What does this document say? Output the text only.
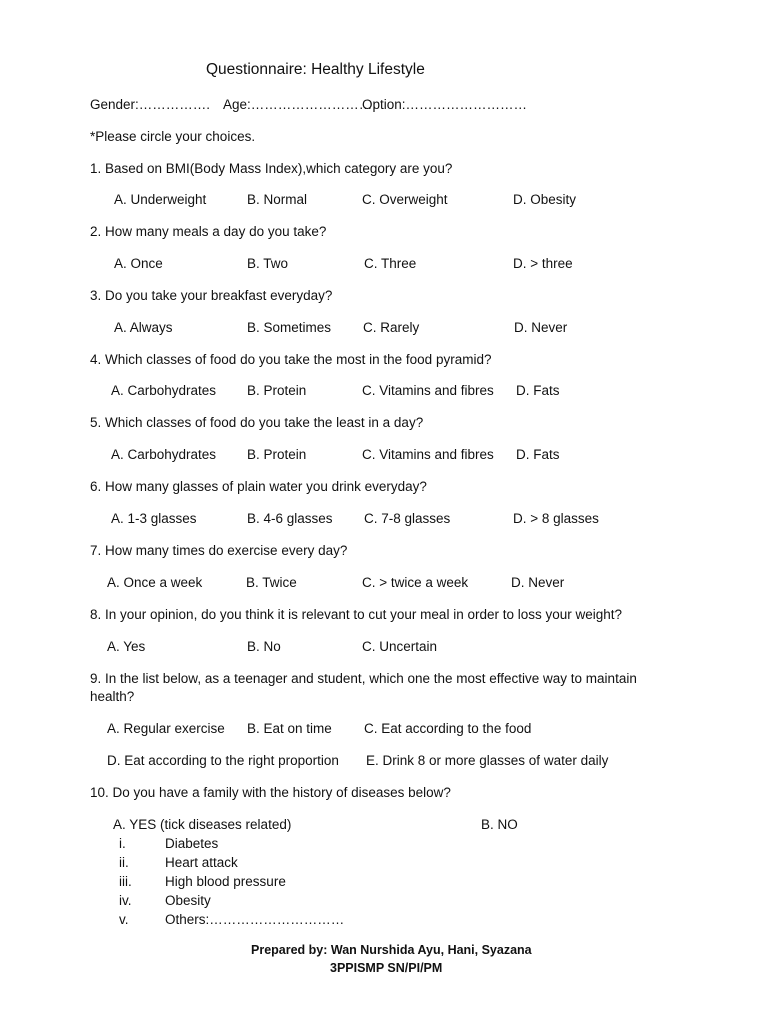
Questionnaire: Healthy Lifestyle
Gender:……………. Age:……………………….
Option:………………………
*Please circle your choices.
1. Based on BMI(Body Mass Index),which category are you?
A. Underweight	B. Normal	C. Overweight	D. Obesity
2. How many meals a day do you take?
A. Once	B. Two	C. Three	D. > three
3. Do you take your breakfast everyday?
A. Always	B. Sometimes C. Rarely	D. Never
4. Which classes of food do you take the most in the food pyramid?
A. Carbohydrates B. Protein	C. Vitamins and fibres D. Fats
5. Which classes of food do you take the least in a day?
A. Carbohydrates B. Protein	C. Vitamins and fibres D. Fats
6. How many glasses of plain water you drink everyday?
A. 1-3 glasses	B. 4-6 glasses C. 7-8 glasses	D. > 8 glasses
7. How many times do exercise every day?
A. Once a week	B. Twice	C. > twice a week	D. Never
8. In your opinion, do you think it is relevant to cut your meal in order to loss your weight?
A. Yes	B. No	C. Uncertain
9. In the list below, as a teenager and student, which one the most effective way to maintain
health?
A. Regular exercise B. Eat on time C. Eat according to the food
D. Eat according to the right proportion E. Drink 8 or more glasses of water daily
10. Do you have a family with the history of diseases below?
A. YES (tick diseases related)	B. NO
i.	Diabetes
ii.	Heart attack
iii. High blood pressure
iv. Obesity
v.	Others:…………………………
Prepared by: Wan Nurshida Ayu, Hani, Syazana
3PPISMP SN/PI/PM
